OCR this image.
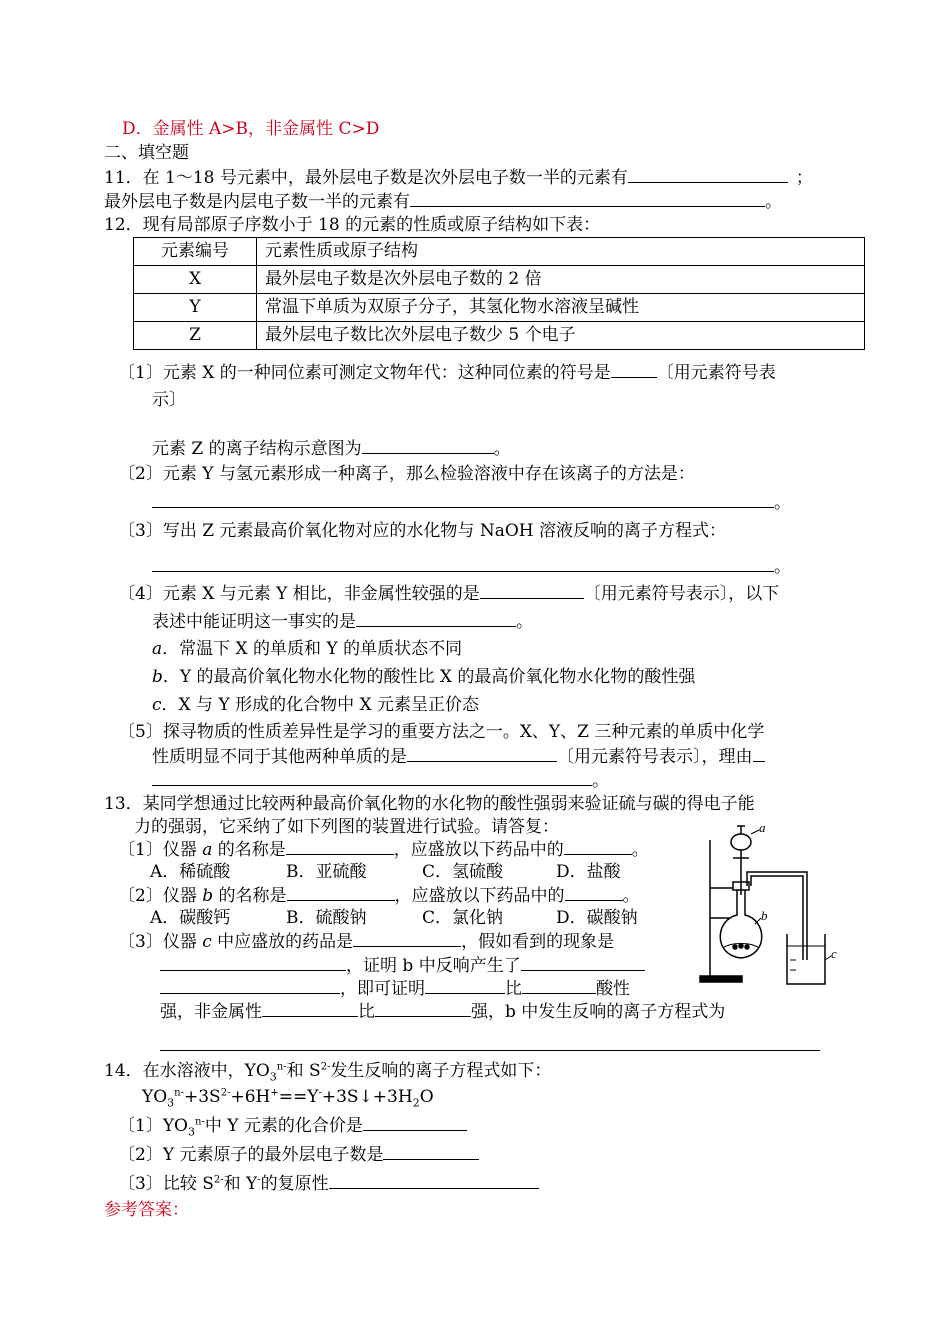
D．金属性 A>B，非金属性 C>D
二、填空题
11．在 1～18 号元素中，最外层电子数是次外层电子数一半的元素有	；
最外层电子数是内层电子数一半的元素有	。
12．现有局部原子序数小于 18 的元素的性质或原子结构如下表：
元素编号	元素性质或原子结构
X	最外层电子数是次外层电子数的 2 倍
Y	常温下单质为双原子分子，其氢化物水溶液呈碱性
Z	最外层电子数比次外层电子数少 5 个电子
〔1〕元素 X 的一种同位素可测定文物年代：这种同位素的符号是	〔用元素符号表
示〕
元素 Z 的离子结构示意图为	。
〔2〕元素 Y 与氢元素形成一种离子，那么检验溶液中存在该离子的方法是：
。
〔3〕写出 Z 元素最高价氧化物对应的水化物与 NaOH 溶液反响的离子方程式：
。
〔4〕元素 X 与元素 Y 相比，非金属性较强的是	〔用元素符号表示〕，以下
表述中能证明这一事实的是	。
a．常温下 X 的单质和 Y 的单质状态不同
b．Y 的最高价氧化物水化物的酸性比 X 的最高价氧化物水化物的酸性强
c．X 与 Y 形成的化合物中 X 元素呈正价态
〔5〕探寻物质的性质差异性是学习的重要方法之一。X、Y、Z 三种元素的单质中化学
性质明显不同于其他两种单质的是	〔用元素符号表示〕，理由
。
13．某同学想通过比较两种最高价氧化物的水化物的酸性强弱来验证硫与碳的得电子能
力的强弱，它采纳了如下列图的装置进行试验。请答复：
〔1〕仪器 a 的名称是	，应盛放以下药品中的	。
A．稀硫酸	B．亚硫酸	C．氢硫酸	D．盐酸
〔2〕仪器 b 的名称是	，应盛放以下药品中的	。
A．碳酸钙	B．硫酸钠	C．氯化钠	D．碳酸钠
〔3〕仪器 c 中应盛放的药品是	，假如看到的现象是
，证明 b 中反响产生了
，即可证明	比	酸性
强，非金属性	比	强，b 中发生反响的离子方程式为
a
b
c
14．在水溶液中，$YO_3^{n-}$和 $S^{2-}$发生反响的离子方程式如下：
$YO_3^{n-}+3S^{2-}+6H^+==Y^-+3S↓+3H_2O$
〔1〕$YO_3^{n-}$中 Y 元素的化合价是
〔2〕Y 元素原子的最外层电子数是
〔3〕比较 $S^{2-}$和 Y-的复原性
参考答案：
